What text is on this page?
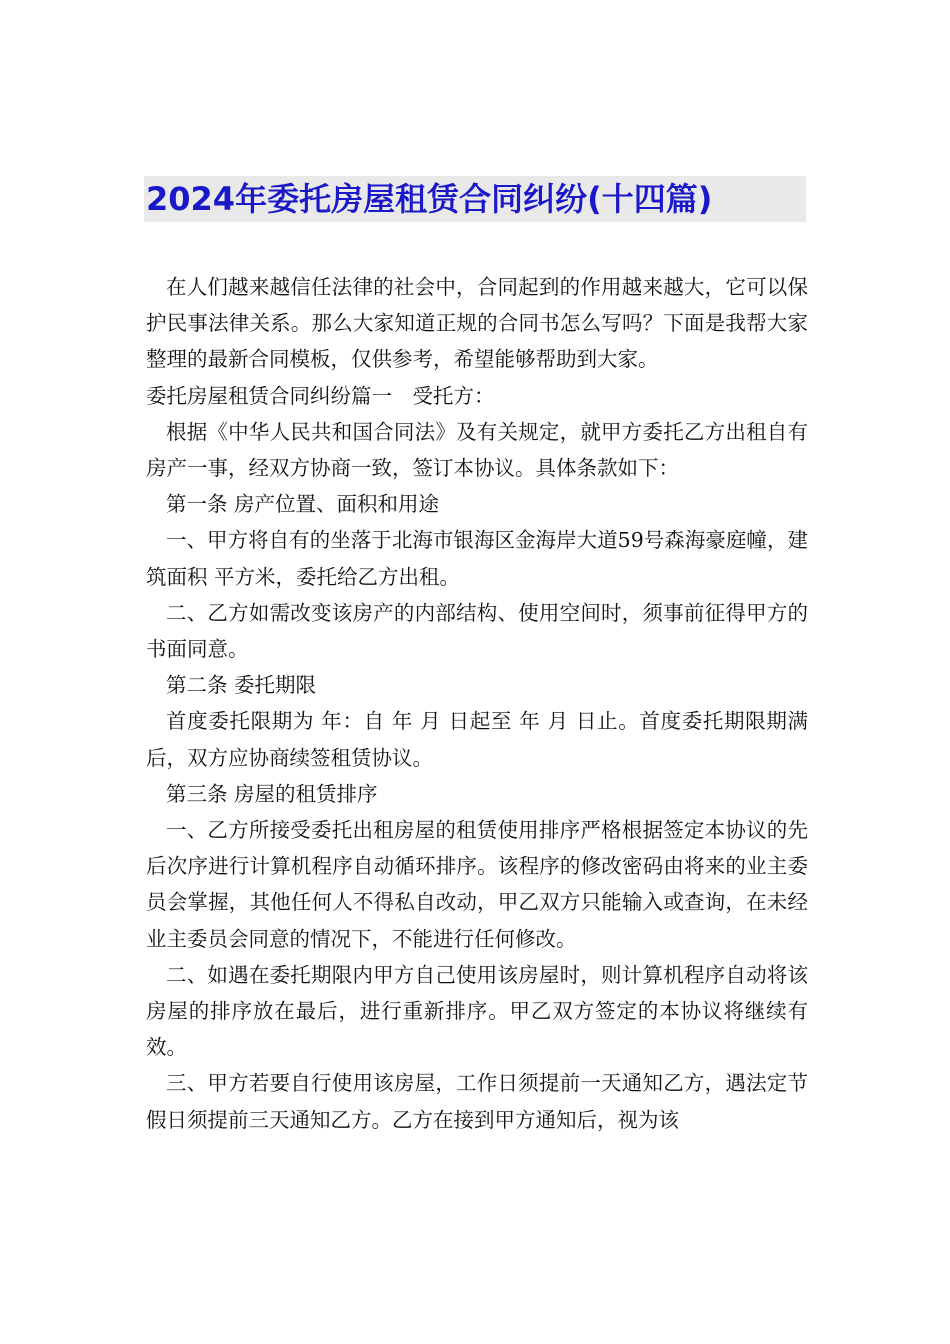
2024年委托房屋租赁合同纠纷(十四篇)

在人们越来越信任法律的社会中，合同起到的作用越来越大，它可以保护民事法律关系。那么大家知道正规的合同书怎么写吗？下面是我帮大家整理的最新合同模板，仅供参考，希望能够帮助到大家。

委托房屋租赁合同纠纷篇一　受托方：

根据《中华人民共和国合同法》及有关规定，就甲方委托乙方出租自有房产一事，经双方协商一致，签订本协议。具体条款如下：

第一条 房产位置、面积和用途

一、甲方将自有的坐落于北海市银海区金海岸大道59号森海豪庭幢，建筑面积 平方米，委托给乙方出租。

二、乙方如需改变该房产的内部结构、使用空间时，须事前征得甲方的书面同意。

第二条 委托期限

首度委托限期为 年：自 年 月 日起至 年 月 日止。首度委托期限期满后，双方应协商续签租赁协议。

第三条 房屋的租赁排序

一、乙方所接受委托出租房屋的租赁使用排序严格根据签定本协议的先后次序进行计算机程序自动循环排序。该程序的修改密码由将来的业主委员会掌握，其他任何人不得私自改动，甲乙双方只能输入或查询，在未经业主委员会同意的情况下，不能进行任何修改。

二、如遇在委托期限内甲方自己使用该房屋时，则计算机程序自动将该房屋的排序放在最后，进行重新排序。甲乙双方签定的本协议将继续有效。

三、甲方若要自行使用该房屋，工作日须提前一天通知乙方，遇法定节假日须提前三天通知乙方。乙方在接到甲方通知后，视为该
